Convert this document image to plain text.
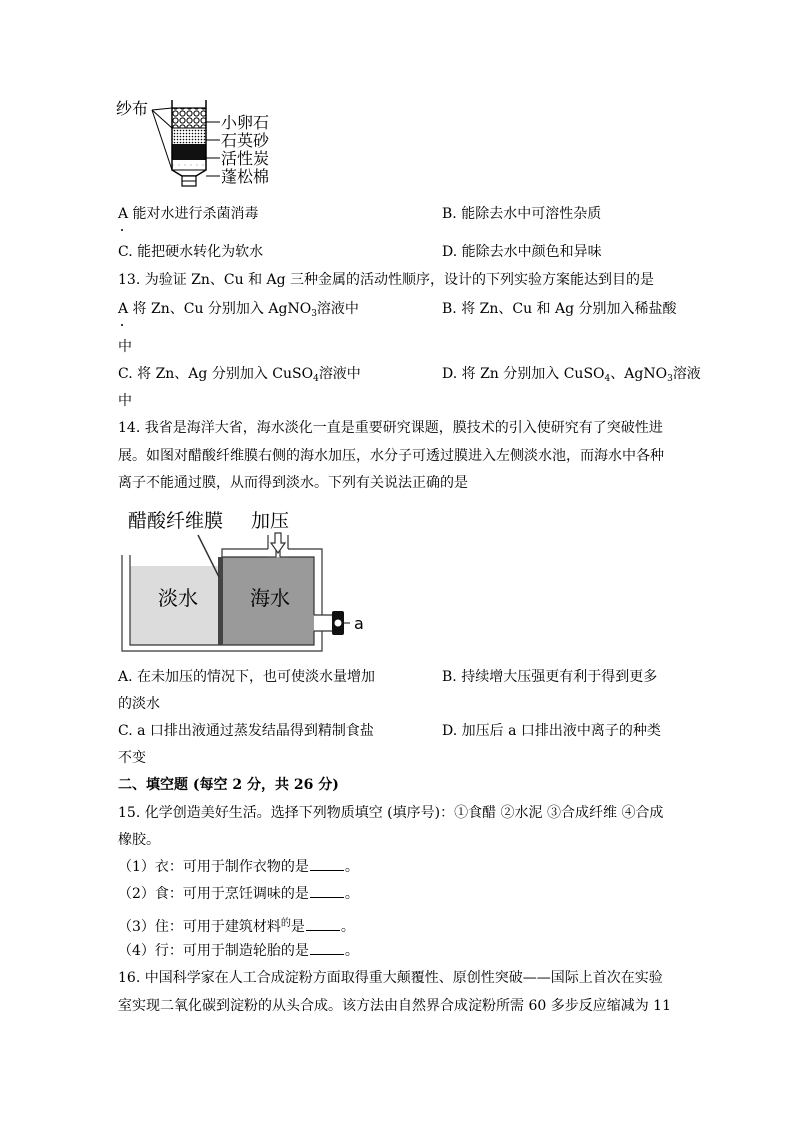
纱布
小卵石
石英砂
活性炭
蓬松棉
A 能对水进行杀菌消毒	B. 能除去水中可溶性杂质
C. 能把硬水转化为软水	D. 能除去水中颜色和异味
13. 为验证 Zn、Cu 和 Ag 三种金属的活动性顺序，设计的下列实验方案能达到目的是
A 将 Zn、Cu 分别加入 AgNO$_3$溶液中	B. 将 Zn、Cu 和 Ag 分别加入稀盐酸
中
C. 将 Zn、Ag 分别加入 CuSO$_4$溶液中	D. 将 Zn 分别加入 CuSO$_4$、AgNO$_3$溶液
中
14. 我省是海洋大省，海水淡化一直是重要研究课题，膜技术的引入使研究有了突破性进
展。如图对醋酸纤维膜右侧的海水加压，水分子可透过膜进入左侧淡水池，而海水中各种
离子不能通过膜，从而得到淡水。下列有关说法正确的是
醋酸纤维膜 加压
a
淡水	海水
A. 在未加压的情况下，也可使淡水量增加	B. 持续增大压强更有利于得到更多
的淡水
C. a 口排出液通过蒸发结晶得到精制食盐	D. 加压后 a 口排出液中离子的种类
不变
二、填空题 (每空 2 分，共 26 分)
15. 化学创造美好生活。选择下列物质填空 (填序号)：①食醋 ②水泥 ③合成纤维 ④合成
橡胶。
（1）衣：可用于制作衣物的是	。
（2）食：可用于烹饪调味的是	。
（3）住：可用于建筑材料$^的$是	。
（4）行：可用于制造轮胎的是	。
16. 中国科学家在人工合成淀粉方面取得重大颠覆性、原创性突破——国际上首次在实验
室实现二氧化碳到淀粉的从头合成。该方法由自然界合成淀粉所需 60 多步反应缩减为 11
